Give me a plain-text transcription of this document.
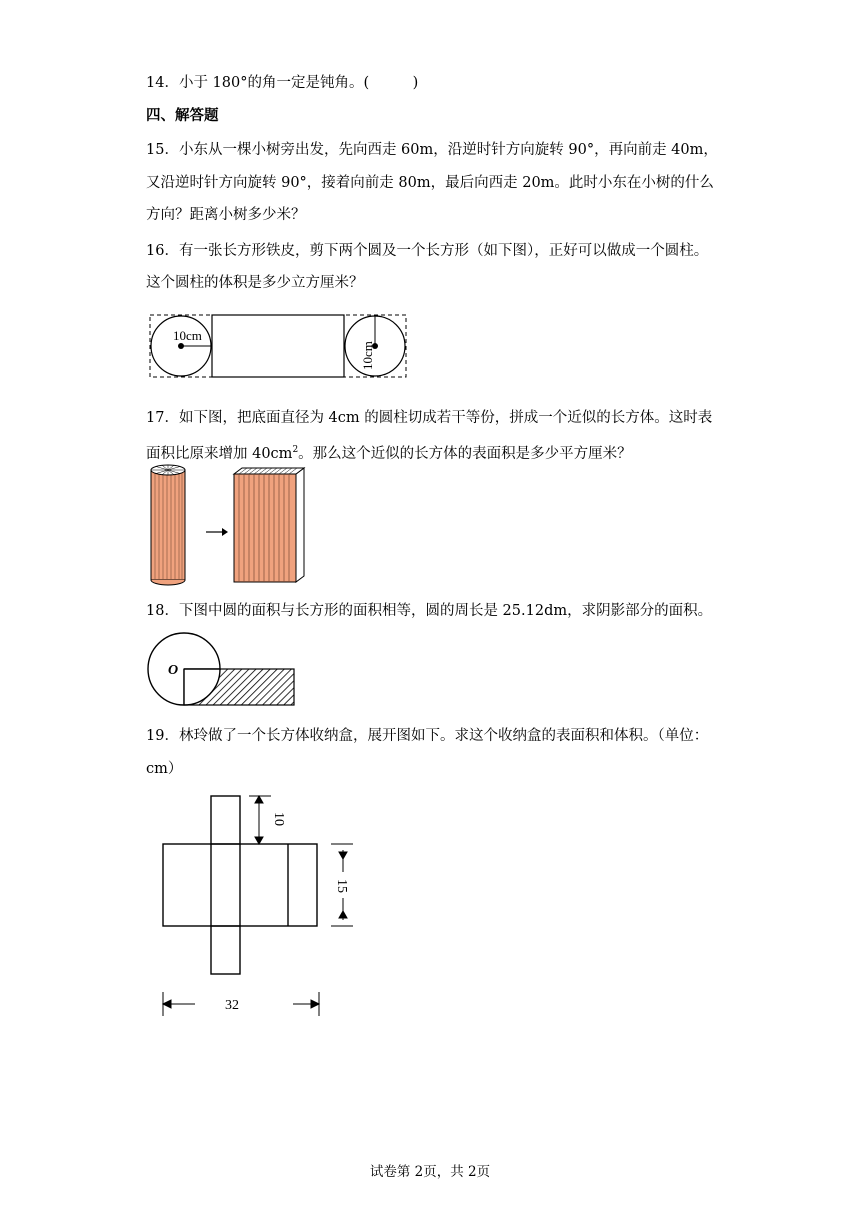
14．小于 180°的角一定是钝角。(　　　)
四、解答题
15．小东从一棵小树旁出发，先向西走 60m，沿逆时针方向旋转 90°，再向前走 40m，
又沿逆时针方向旋转 90°，接着向前走 80m，最后向西走 20m。此时小东在小树的什么
方向？距离小树多少米？
16．有一张长方形铁皮，剪下两个圆及一个长方形（如下图），正好可以做成一个圆柱。
这个圆柱的体积是多少立方厘米？
10cm
10cm
17．如下图，把底面直径为 4cm 的圆柱切成若干等份，拼成一个近似的长方体。这时表
面积比原来增加 $40cm^2$。那么这个近似的长方体的表面积是多少平方厘米？
18．下图中圆的面积与长方形的面积相等，圆的周长是 25.12dm，求阴影部分的面积。
O
19．林玲做了一个长方体收纳盒，展开图如下。求这个收纳盒的表面积和体积。（单位：
cm）
10
15
32
试卷第 2页，共 2页
